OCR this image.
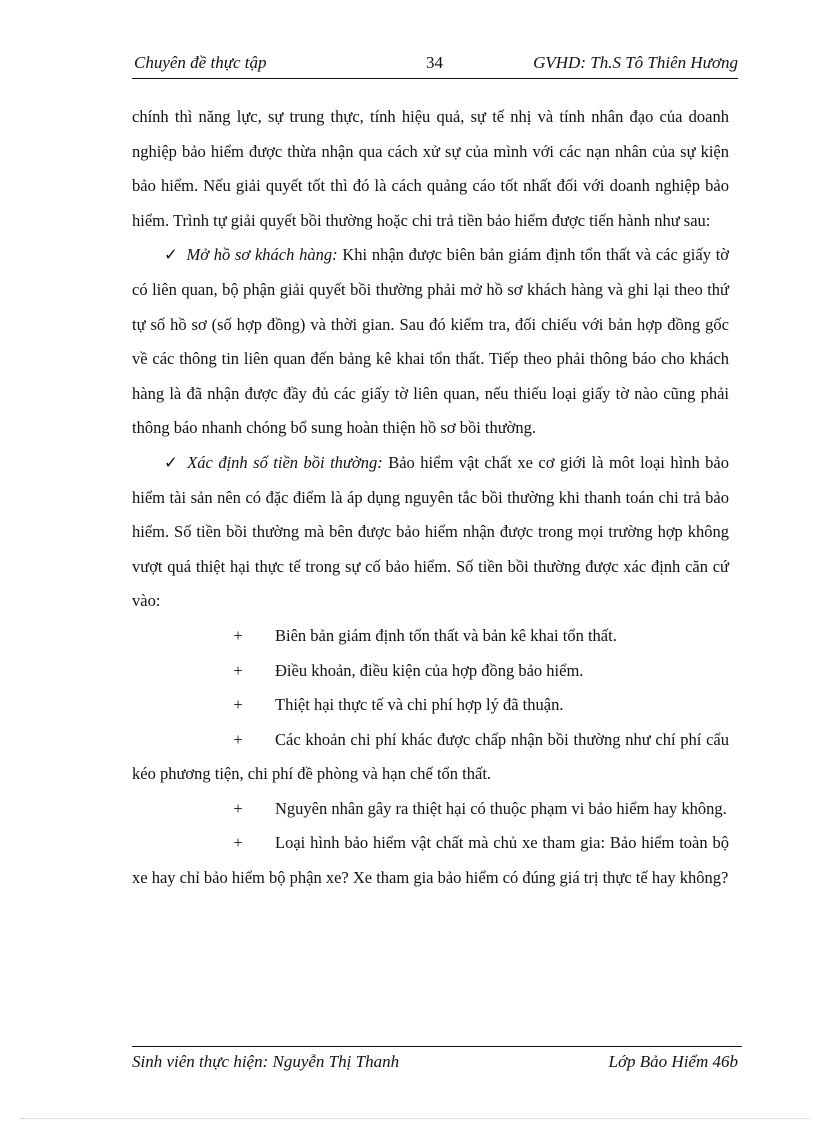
Chuyên đề thực tập	34	GVHD: Th.S Tô Thiên Hương

chính thì năng lực, sự trung thực, tính hiệu quả, sự tế nhị và tính nhân đạo của doanh nghiệp bảo hiểm được thừa nhận qua cách xử sự của mình với các nạn nhân của sự kiện bảo hiểm. Nếu giải quyết tốt thì đó là cách quảng cáo tốt nhất đối với doanh nghiệp bảo hiểm. Trình tự giải quyết bồi thường hoặc chi trả tiền bảo hiểm được tiến hành như sau:

✓ Mở hồ sơ khách hàng: Khi nhận được biên bản giám định tổn thất và các giấy tờ có liên quan, bộ phận giải quyết bồi thường phải mở hồ sơ khách hàng và ghi lại theo thứ tự số hồ sơ (số hợp đồng) và thời gian. Sau đó kiểm tra, đối chiếu với bản hợp đồng gốc về các thông tin liên quan đến bảng kê khai tổn thất. Tiếp theo phải thông báo cho khách hàng là đã nhận được đầy đủ các giấy tờ liên quan, nếu thiếu loại giấy tờ nào cũng phải thông báo nhanh chóng bổ sung hoàn thiện hồ sơ bồi thường.

✓ Xác định số tiền bồi thường: Bảo hiểm vật chất xe cơ giới là môt loại hình bảo hiểm tài sản nên có đặc điểm là áp dụng nguyên tắc bồi thường khi thanh toán chi trả bảo hiểm. Số tiền bồi thường mà bên được bảo hiểm nhận được trong mọi trường hợp không vượt quá thiệt hại thực tế trong sự cố bảo hiểm. Số tiền bồi thường được xác định căn cứ vào:

+	Biên bản giám định tổn thất và bản kê khai tổn thất.

+	Điều khoản, điều kiện của hợp đồng bảo hiểm.

+	Thiệt hại thực tế và chi phí hợp lý đã thuận.

+	Các khoản chi phí khác được chấp nhận bồi thường như chí phí cẩu kéo phương tiện, chi phí đề phòng và hạn chế tổn thất.

+	Nguyên nhân gây ra thiệt hại có thuộc phạm vi bảo hiểm hay không.

+	Loại hình bảo hiểm vật chất mà chủ xe tham gia: Bảo hiểm toàn bộ xe hay chỉ bảo hiểm bộ phận xe? Xe tham gia bảo hiểm có đúng giá trị thực tế hay không?

Sinh viên thực hiện: Nguyễn Thị Thanh	Lớp Bảo Hiểm 46b
